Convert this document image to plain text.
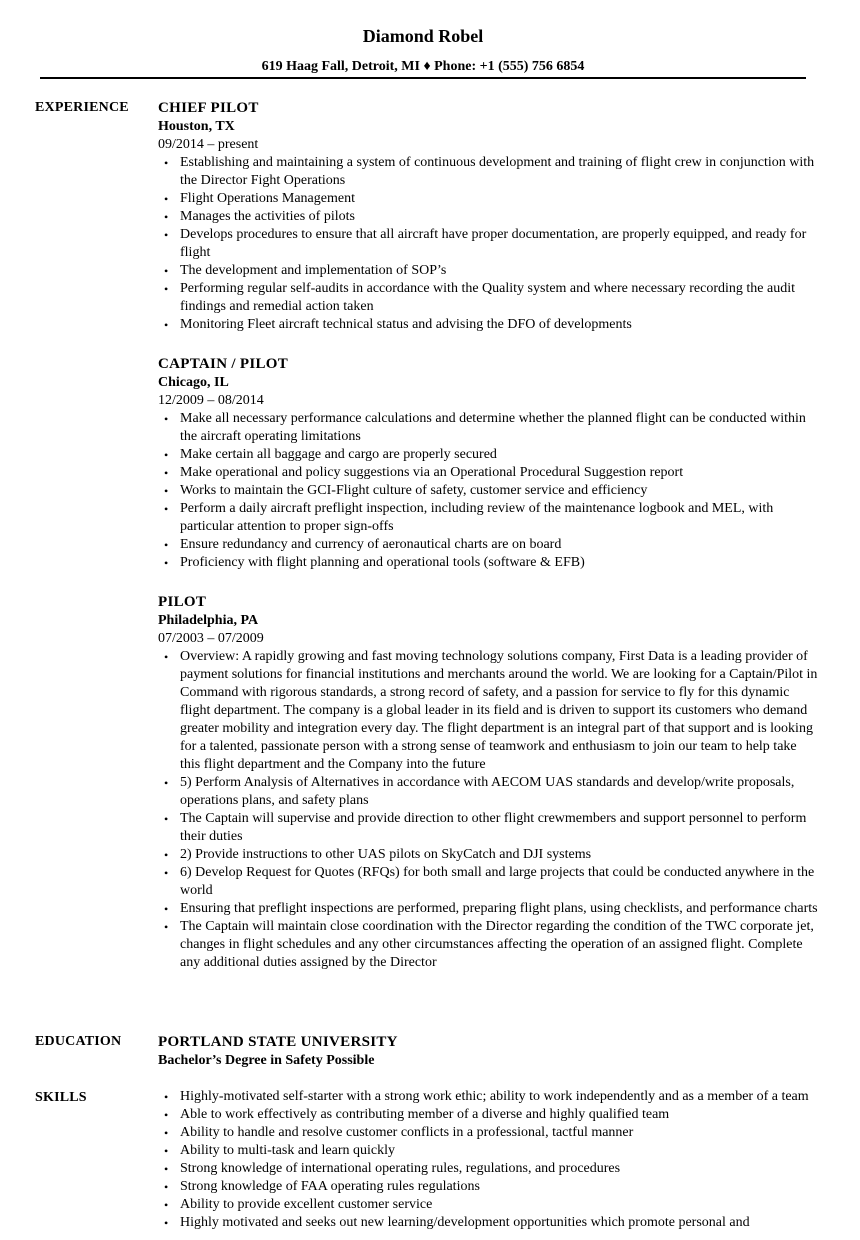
Diamond Robel
619 Haag Fall, Detroit, MI ♦ Phone: +1 (555) 756 6854
EXPERIENCE CHIEF PILOT
Houston, TX
09/2014 – present
• Establishing and maintaining a system of continuous development and training of flight crew in conjunction with the Director Fight Operations
• Flight Operations Management
• Manages the activities of pilots
• Develops procedures to ensure that all aircraft have proper documentation, are properly equipped, and ready for flight
• The development and implementation of SOP’s
• Performing regular self-audits in accordance with the Quality system and where necessary recording the audit findings and remedial action taken
• Monitoring Fleet aircraft technical status and advising the DFO of developments
CAPTAIN / PILOT
Chicago, IL
12/2009 – 08/2014
• Make all necessary performance calculations and determine whether the planned flight can be conducted within the aircraft operating limitations
• Make certain all baggage and cargo are properly secured
• Make operational and policy suggestions via an Operational Procedural Suggestion report
• Works to maintain the GCI-Flight culture of safety, customer service and efficiency
• Perform a daily aircraft preflight inspection, including review of the maintenance logbook and MEL, with particular attention to proper sign-offs
• Ensure redundancy and currency of aeronautical charts are on board
• Proficiency with flight planning and operational tools (software & EFB)
PILOT
Philadelphia, PA
07/2003 – 07/2009
• Overview: A rapidly growing and fast moving technology solutions company, First Data is a leading provider of payment solutions for financial institutions and merchants around the world. We are looking for a Captain/Pilot in Command with rigorous standards, a strong record of safety, and a passion for service to fly for this dynamic flight department. The company is a global leader in its field and is driven to support its customers who demand greater mobility and integration every day. The flight department is an integral part of that support and is looking for a talented, passionate person with a strong sense of teamwork and enthusiasm to join our team to help take this flight department and the Company into the future
• 5) Perform Analysis of Alternatives in accordance with AECOM UAS standards and develop/write proposals, operations plans, and safety plans
• The Captain will supervise and provide direction to other flight crewmembers and support personnel to perform their duties
• 2) Provide instructions to other UAS pilots on SkyCatch and DJI systems
• 6) Develop Request for Quotes (RFQs) for both small and large projects that could be conducted anywhere in the world
• Ensuring that preflight inspections are performed, preparing flight plans, using checklists, and performance charts
• The Captain will maintain close coordination with the Director regarding the condition of the TWC corporate jet, changes in flight schedules and any other circumstances affecting the operation of an assigned flight. Complete any additional duties assigned by the Director
EDUCATION PORTLAND STATE UNIVERSITY
Bachelor’s Degree in Safety Possible
SKILLS	• Highly-motivated self-starter with a strong work ethic; ability to work independently and as a member of a team
• Able to work effectively as contributing member of a diverse and highly qualified team
• Ability to handle and resolve customer conflicts in a professional, tactful manner
• Ability to multi-task and learn quickly
• Strong knowledge of international operating rules, regulations, and procedures
• Strong knowledge of FAA operating rules regulations
• Ability to provide excellent customer service
• Highly motivated and seeks out new learning/development opportunities which promote personal and
